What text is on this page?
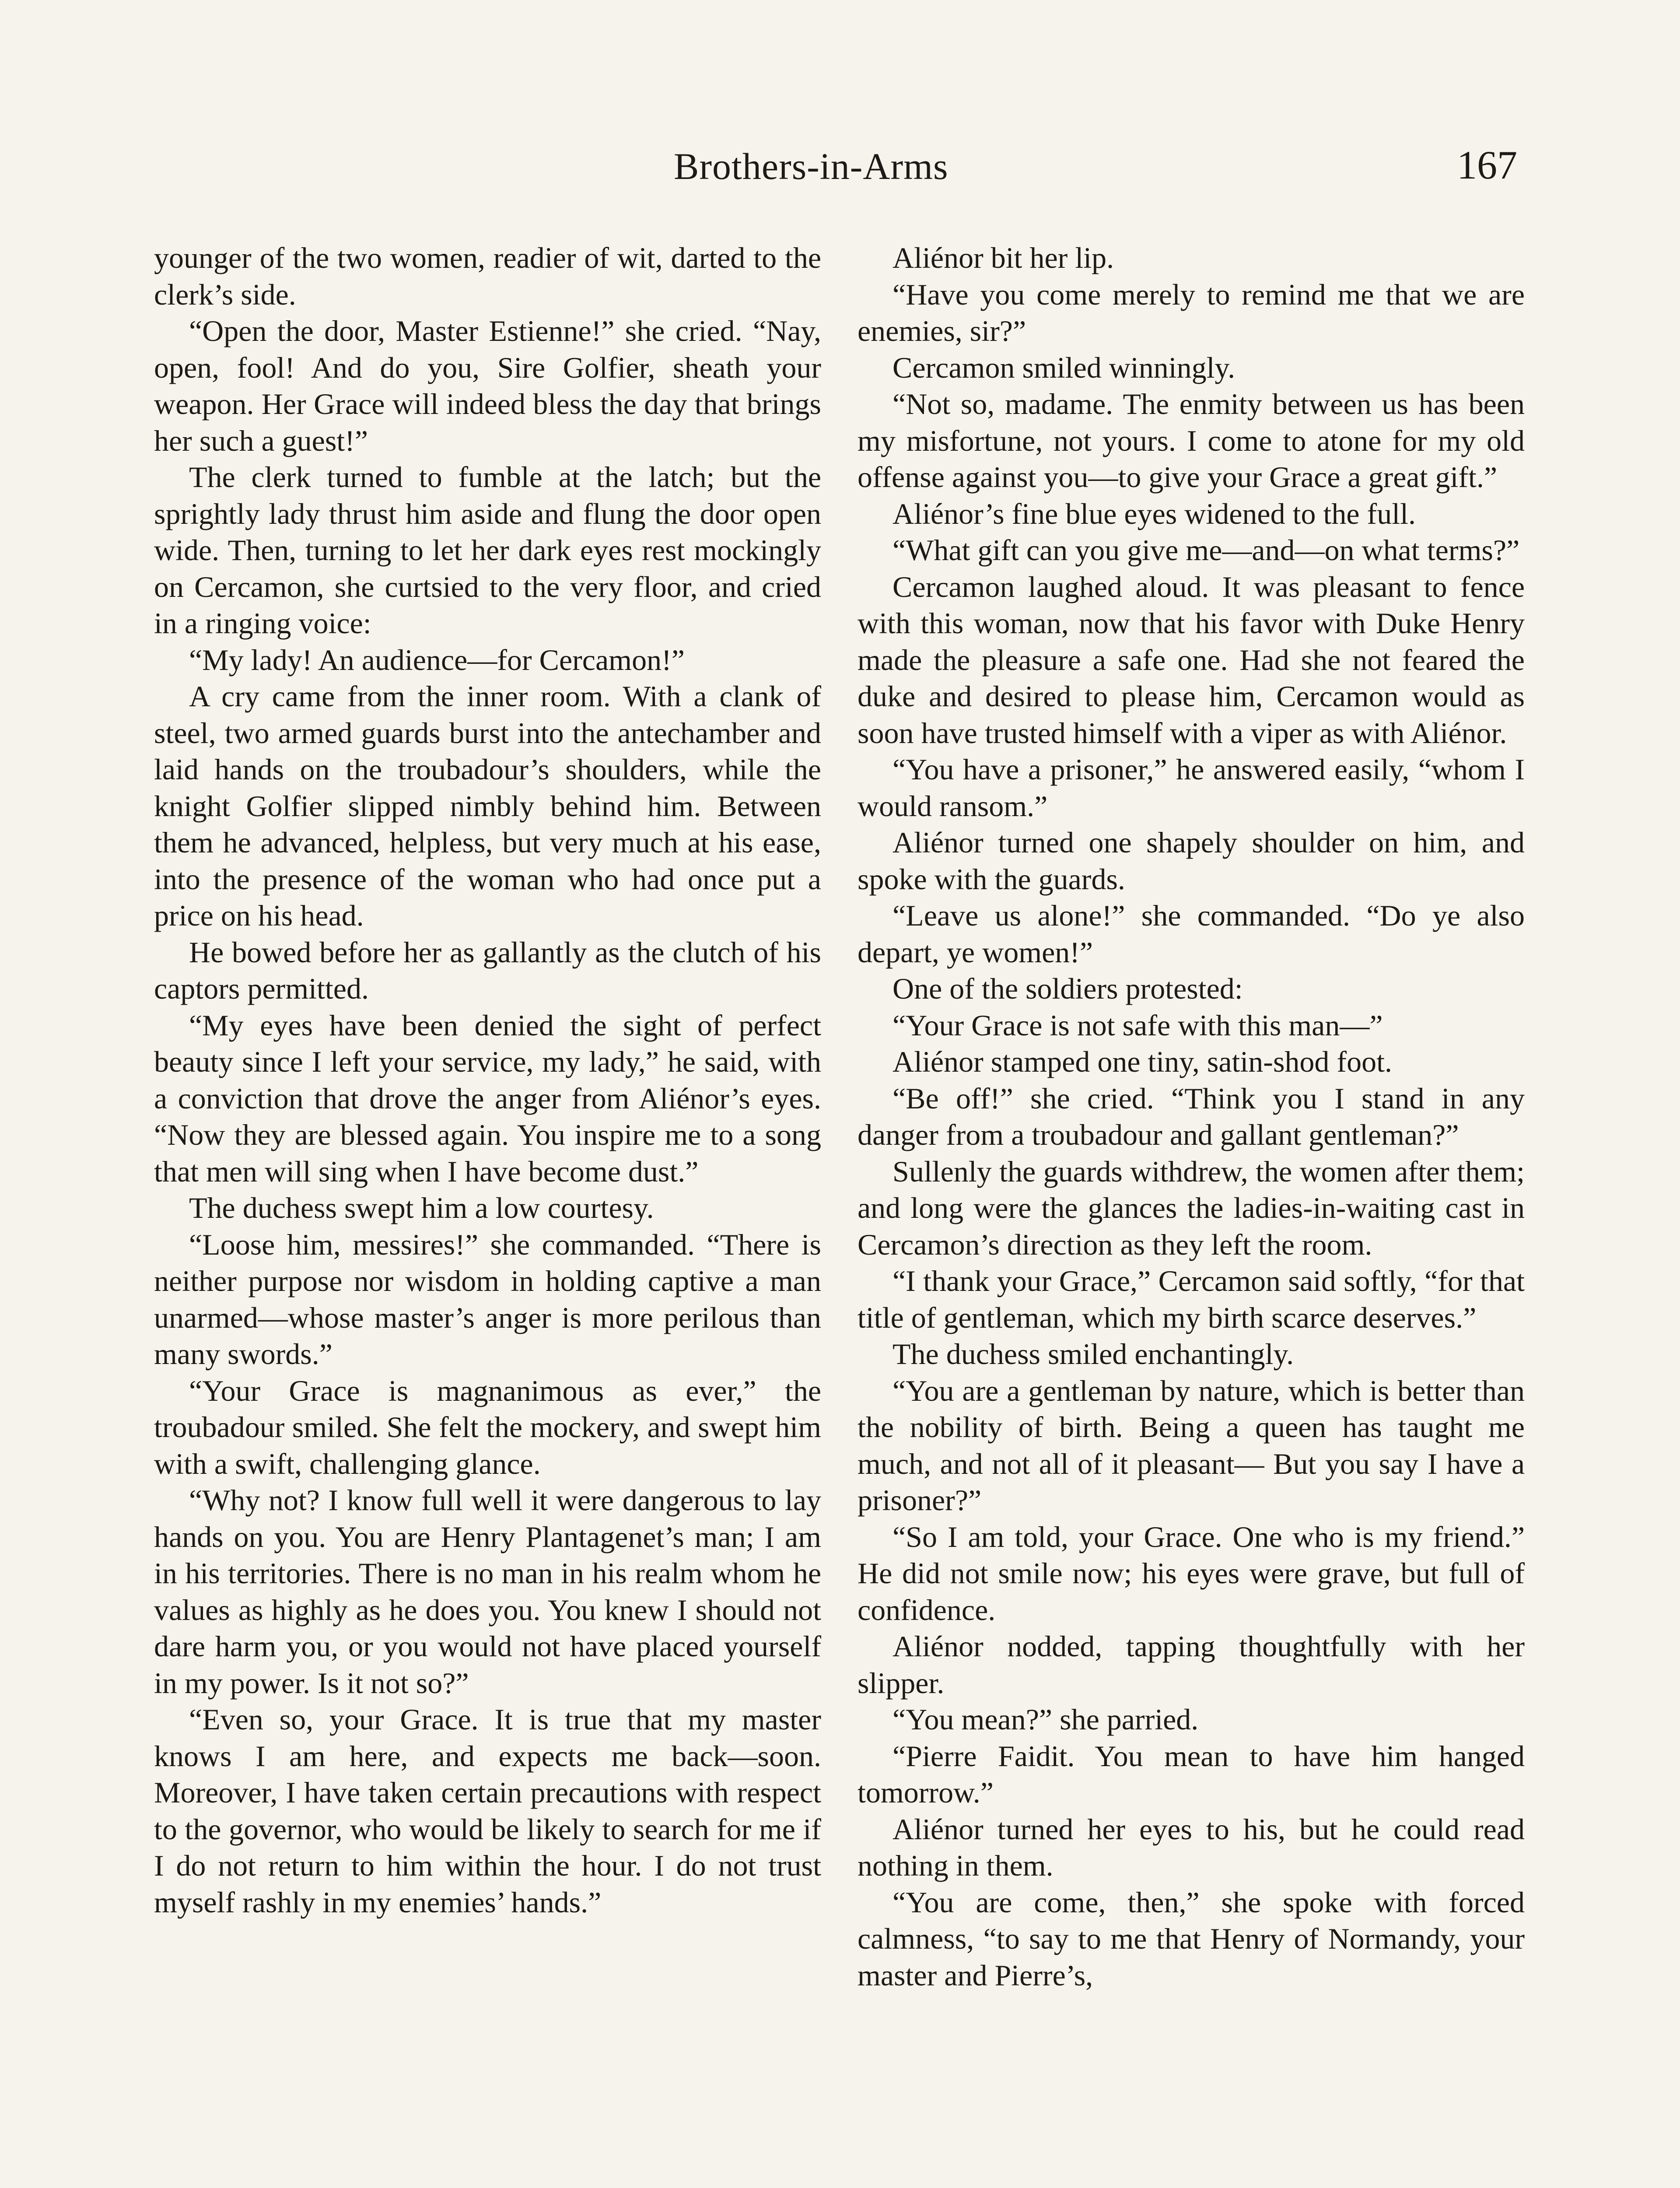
Brothers-in-Arms	167

younger of the two women, readier of wit, darted to the clerk’s side.

“Open the door, Master Estienne!” she cried. “Nay, open, fool! And do you, Sire Golfier, sheath your weapon. Her Grace will indeed bless the day that brings her such a guest!”

The clerk turned to fumble at the latch; but the sprightly lady thrust him aside and flung the door open wide. Then, turning to let her dark eyes rest mockingly on Cercamon, she curtsied to the very floor, and cried in a ringing voice:

“My lady! An audience—for Cercamon!”

A cry came from the inner room. With a clank of steel, two armed guards burst into the antechamber and laid hands on the troubadour’s shoulders, while the knight Golfier slipped nimbly behind him. Between them he advanced, helpless, but very much at his ease, into the presence of the woman who had once put a price on his head.

He bowed before her as gallantly as the clutch of his captors permitted.

“My eyes have been denied the sight of perfect beauty since I left your service, my lady,” he said, with a conviction that drove the anger from Aliénor’s eyes. “Now they are blessed again. You inspire me to a song that men will sing when I have become dust.”

The duchess swept him a low courtesy.

“Loose him, messires!” she commanded. “There is neither purpose nor wisdom in holding captive a man unarmed—whose master’s anger is more perilous than many swords.”

“Your Grace is magnanimous as ever,” the troubadour smiled. She felt the mockery, and swept him with a swift, challenging glance.

“Why not? I know full well it were dangerous to lay hands on you. You are Henry Plantagenet’s man; I am in his territories. There is no man in his realm whom he values as highly as he does you. You knew I should not dare harm you, or you would not have placed yourself in my power. Is it not so?”

“Even so, your Grace. It is true that my master knows I am here, and expects me back—soon. Moreover, I have taken certain precautions with respect to the governor, who would be likely to search for me if I do not return to him within the hour. I do not trust myself rashly in my enemies’ hands.”

Aliénor bit her lip.

“Have you come merely to remind me that we are enemies, sir?”

Cercamon smiled winningly.

“Not so, madame. The enmity between us has been my misfortune, not yours. I come to atone for my old offense against you—to give your Grace a great gift.”

Aliénor’s fine blue eyes widened to the full.

“What gift can you give me—and—on what terms?”

Cercamon laughed aloud. It was pleasant to fence with this woman, now that his favor with Duke Henry made the pleasure a safe one. Had she not feared the duke and desired to please him, Cercamon would as soon have trusted himself with a viper as with Aliénor.

“You have a prisoner,” he answered easily, “whom I would ransom.”

Aliénor turned one shapely shoulder on him, and spoke with the guards.

“Leave us alone!” she commanded. “Do ye also depart, ye women!”

One of the soldiers protested:

“Your Grace is not safe with this man—”

Aliénor stamped one tiny, satin-shod foot.

“Be off!” she cried. “Think you I stand in any danger from a troubadour and gallant gentleman?”

Sullenly the guards withdrew, the women after them; and long were the glances the ladies-in-waiting cast in Cercamon’s direction as they left the room.

“I thank your Grace,” Cercamon said softly, “for that title of gentleman, which my birth scarce deserves.”

The duchess smiled enchantingly.

“You are a gentleman by nature, which is better than the nobility of birth. Being a queen has taught me much, and not all of it pleasant— But you say I have a prisoner?”

“So I am told, your Grace. One who is my friend.” He did not smile now; his eyes were grave, but full of confidence.

Aliénor nodded, tapping thoughtfully with her slipper.

“You mean?” she parried.

“Pierre Faidit. You mean to have him hanged tomorrow.”

Aliénor turned her eyes to his, but he could read nothing in them.

“You are come, then,” she spoke with forced calmness, “to say to me that Henry of Normandy, your master and Pierre’s,
